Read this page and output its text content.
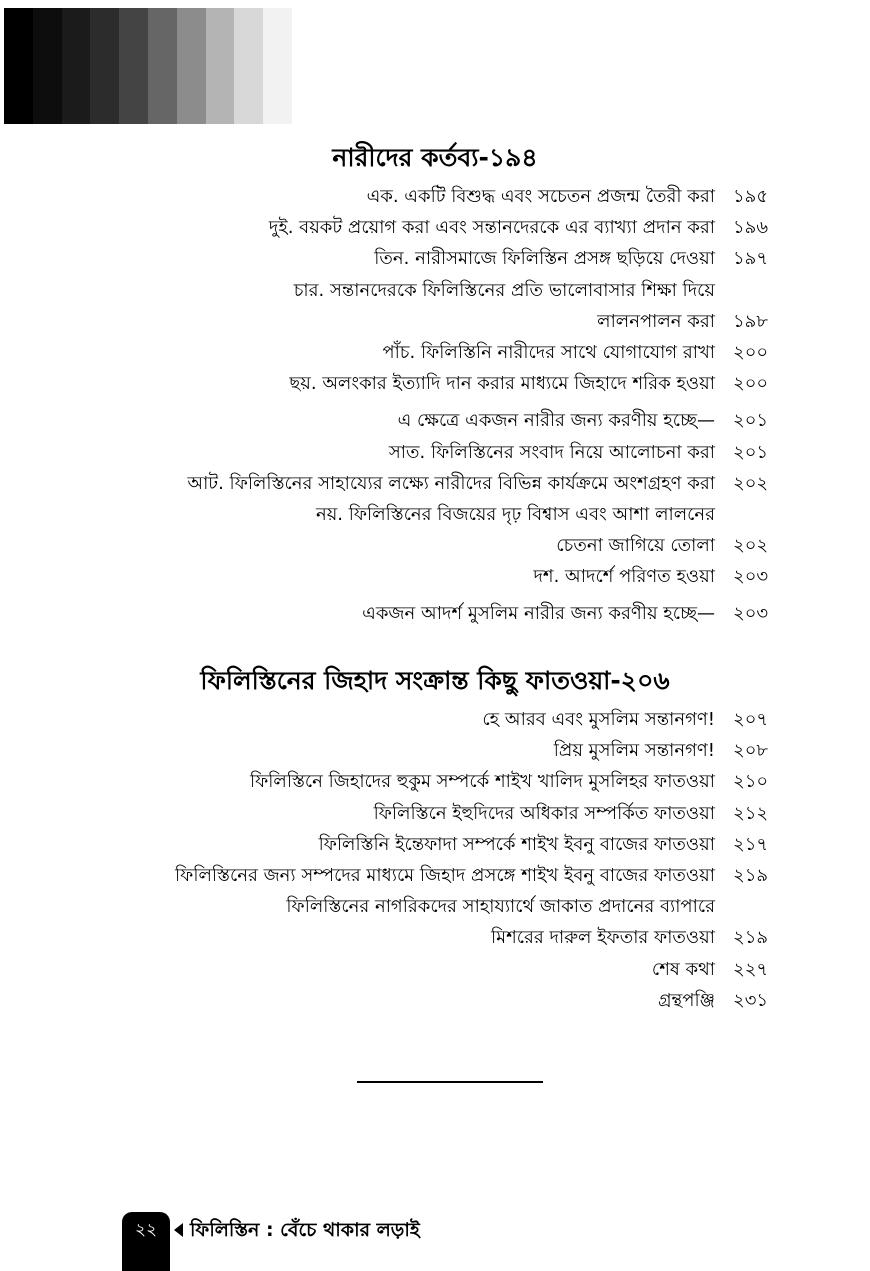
নারীদের কর্তব্য-১৯৪
এক. একটি বিশুদ্ধ এবং সচেতন প্রজন্ম তৈরী করা ১৯৫
দুই. বয়কট প্রয়োগ করা এবং সন্তানদেরকে এর ব্যাখ্যা প্রদান করা ১৯৬
তিন. নারীসমাজে ফিলিস্তিন প্রসঙ্গ ছড়িয়ে দেওয়া ১৯৭
চার. সন্তানদেরকে ফিলিস্তিনের প্রতি ভালোবাসার শিক্ষা দিয়ে
লালনপালন করা ১৯৮
পাঁচ. ফিলিস্তিনি নারীদের সাথে যোগাযোগ রাখা ২০০
ছয়. অলংকার ইত্যাদি দান করার মাধ্যমে জিহাদে শরিক হওয়া ২০০
এ ক্ষেত্রে একজন নারীর জন্য করণীয় হচ্ছে— ২০১
সাত. ফিলিস্তিনের সংবাদ নিয়ে আলোচনা করা ২০১
আট. ফিলিস্তিনের সাহায্যের লক্ষ্যে নারীদের বিভিন্ন কার্যক্রমে অংশগ্রহণ করা ২০২
নয়. ফিলিস্তিনের বিজয়ের দৃঢ় বিশ্বাস এবং আশা লালনের
চেতনা জাগিয়ে তোলা ২০২
দশ. আদর্শে পরিণত হওয়া ২০৩
একজন আদর্শ মুসলিম নারীর জন্য করণীয় হচ্ছে— ২০৩
ফিলিস্তিনের জিহাদ সংক্রান্ত কিছু ফাতওয়া-২০৬
হে আরব এবং মুসলিম সন্তানগণ! ২০৭
প্রিয় মুসলিম সন্তানগণ! ২০৮
ফিলিস্তিনে জিহাদের হুকুম সম্পর্কে শাইখ খালিদ মুসলিহর ফাতওয়া ২১০
ফিলিস্তিনে ইহুদিদের অধিকার সম্পর্কিত ফাতওয়া ২১২
ফিলিস্তিনি ইন্তেফাদা সম্পর্কে শাইখ ইবনু বাজের ফাতওয়া ২১৭
ফিলিস্তিনের জন্য সম্পদের মাধ্যমে জিহাদ প্রসঙ্গে শাইখ ইবনু বাজের ফাতওয়া ২১৯
ফিলিস্তিনের নাগরিকদের সাহায্যার্থে জাকাত প্রদানের ব্যাপারে
মিশরের দারুল ইফতার ফাতওয়া ২১৯
শেষ কথা ২২৭
গ্রন্থপঞ্জি ২৩১
২২	ফিলিস্তিন : বেঁচে থাকার লড়াই
